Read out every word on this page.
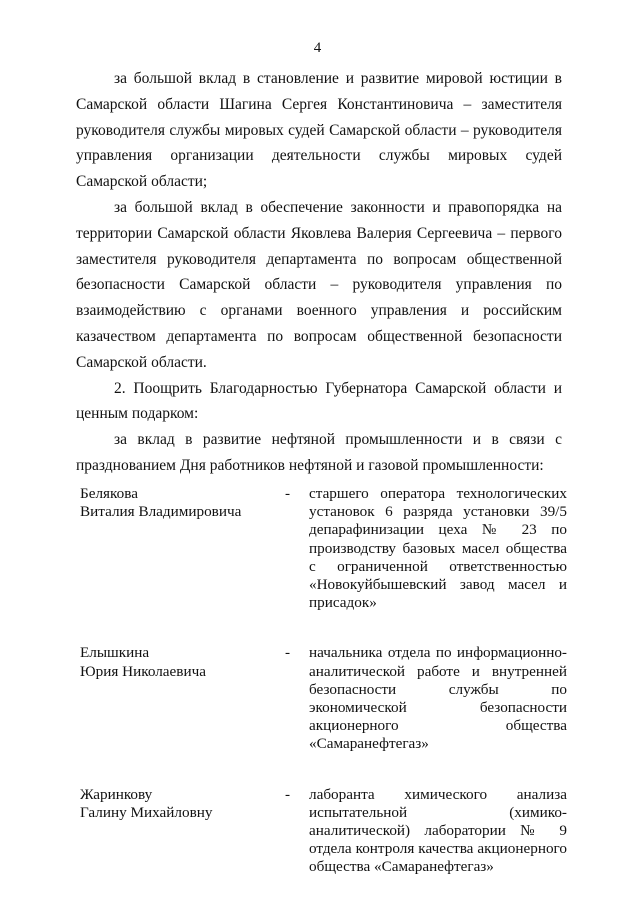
4

за большой вклад в становление и развитие мировой юстиции в Самарской области Шагина Сергея Константиновича – заместителя руководителя службы мировых судей Самарской области – руководителя управления организации деятельности службы мировых судей Самарской области;

за большой вклад в обеспечение законности и правопорядка на территории Самарской области Яковлева Валерия Сергеевича – первого заместителя руководителя департамента по вопросам общественной безопасности Самарской области – руководителя управления по взаимодействию с органами военного управления и российским казачеством департамента по вопросам общественной безопасности Самарской области.

2. Поощрить Благодарностью Губернатора Самарской области и ценным подарком:

за вклад в развитие нефтяной промышленности и в связи с празднованием Дня работников нефтяной и газовой промышленности:

Белякова
Виталия Владимировича
-	старшего оператора технологических установок 6 разряда установки 39/5 депарафинизации цеха № 23 по производству базовых масел общества с ограниченной ответственностью «Новокуйбышевский завод масел и присадок»
Елышкина
Юрия Николаевича
-	начальника отдела по информационно-аналитической работе и внутренней безопасности службы по экономической безопасности акционерного общества «Самаранефтегаз»
Жаринкову
Галину Михайловну
-	лаборанта химического анализа испытательной (химико-аналитической) лаборатории № 9 отдела контроля качества акционерного общества «Самаранефтегаз»
